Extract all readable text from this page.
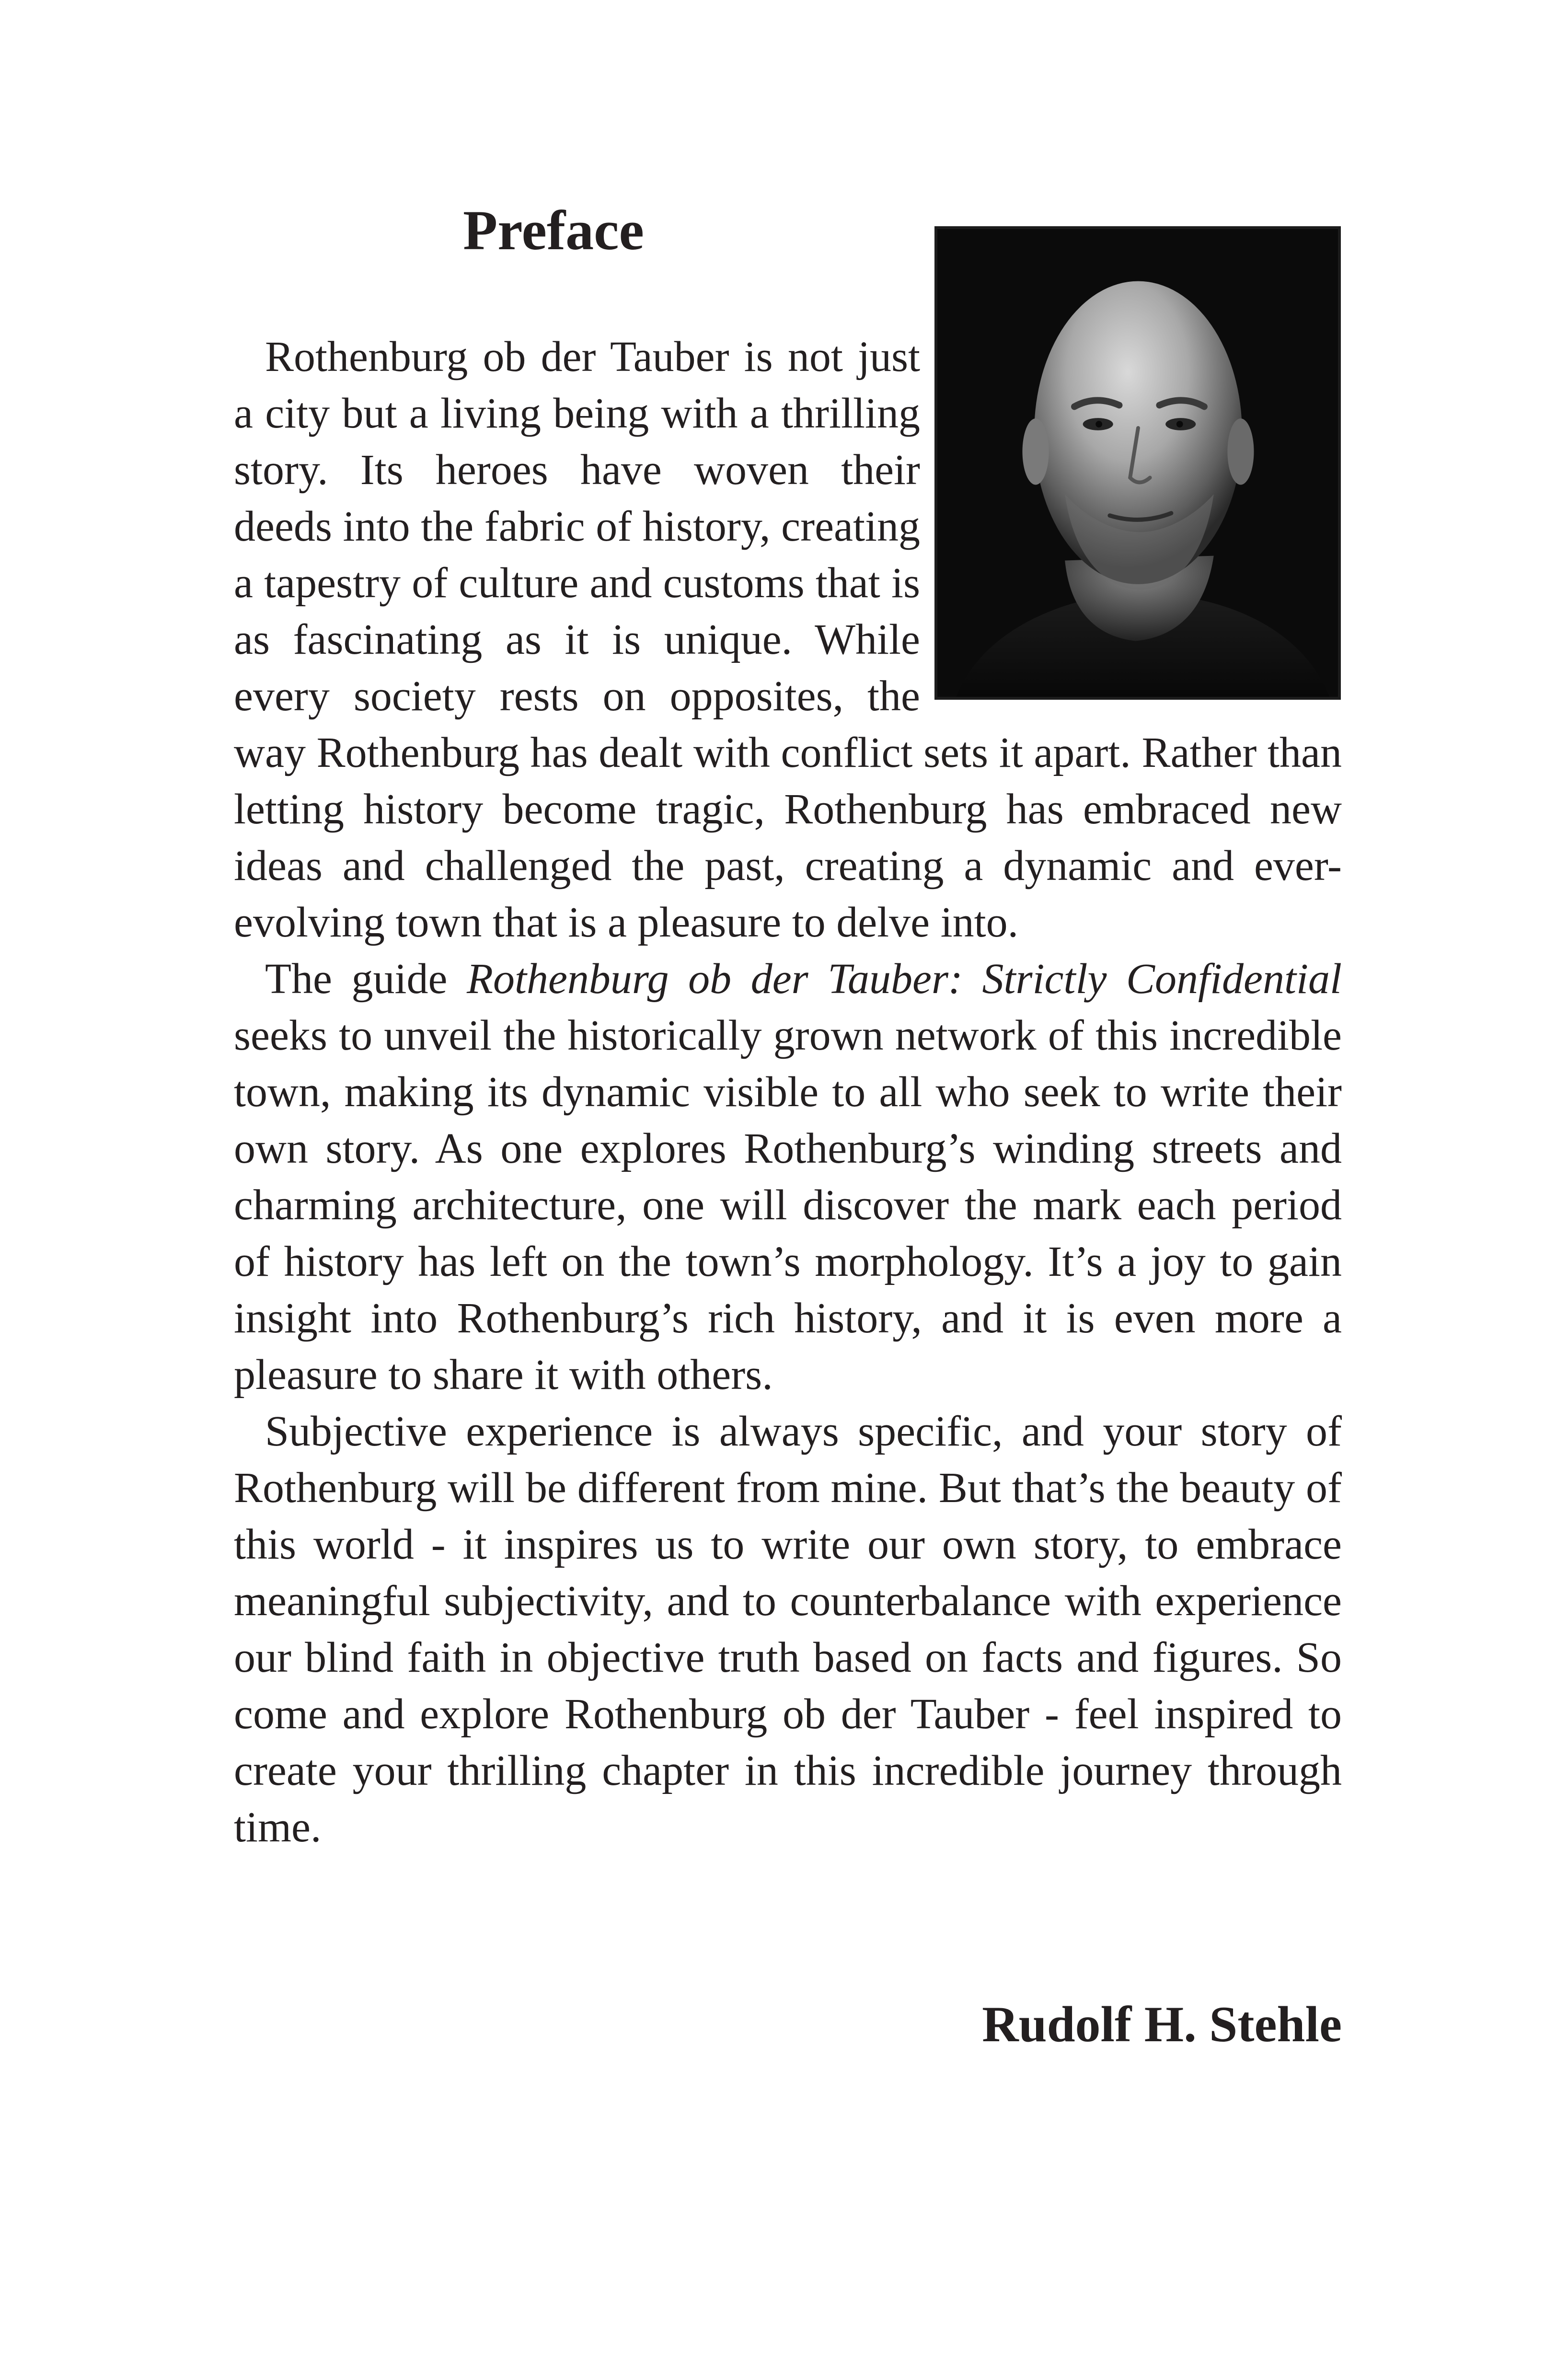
Preface

Rothenburg ob der Tauber is not just a city but a living being with a thrilling story. Its heroes have woven their deeds into the fabric of history, creating a tapestry of culture and customs that is as fascinating as it is unique. While every society rests on opposites, the way Rothenburg has dealt with conflict sets it apart. Rather than letting history become tragic, Rothenburg has embraced new ideas and challenged the past, creating a dynamic and ever-evolving town that is a pleasure to delve into.

The guide Rothenburg ob der Tauber: Strictly Confidential seeks to unveil the historically grown network of this incredible town, making its dynamic visible to all who seek to write their own story. As one explores Rothenburg’s winding streets and charming architecture, one will discover the mark each period of history has left on the town’s morphology. It’s a joy to gain insight into Rothenburg’s rich history, and it is even more a pleasure to share it with others.

Subjective experience is always specific, and your story of Rothenburg will be different from mine. But that’s the beauty of this world - it inspires us to write our own story, to embrace meaningful subjectivity, and to counterbalance with experience our blind faith in objective truth based on facts and figures. So come and explore Rothenburg ob der Tauber - feel inspired to create your thrilling chapter in this incredible journey through time.

Rudolf H. Stehle
